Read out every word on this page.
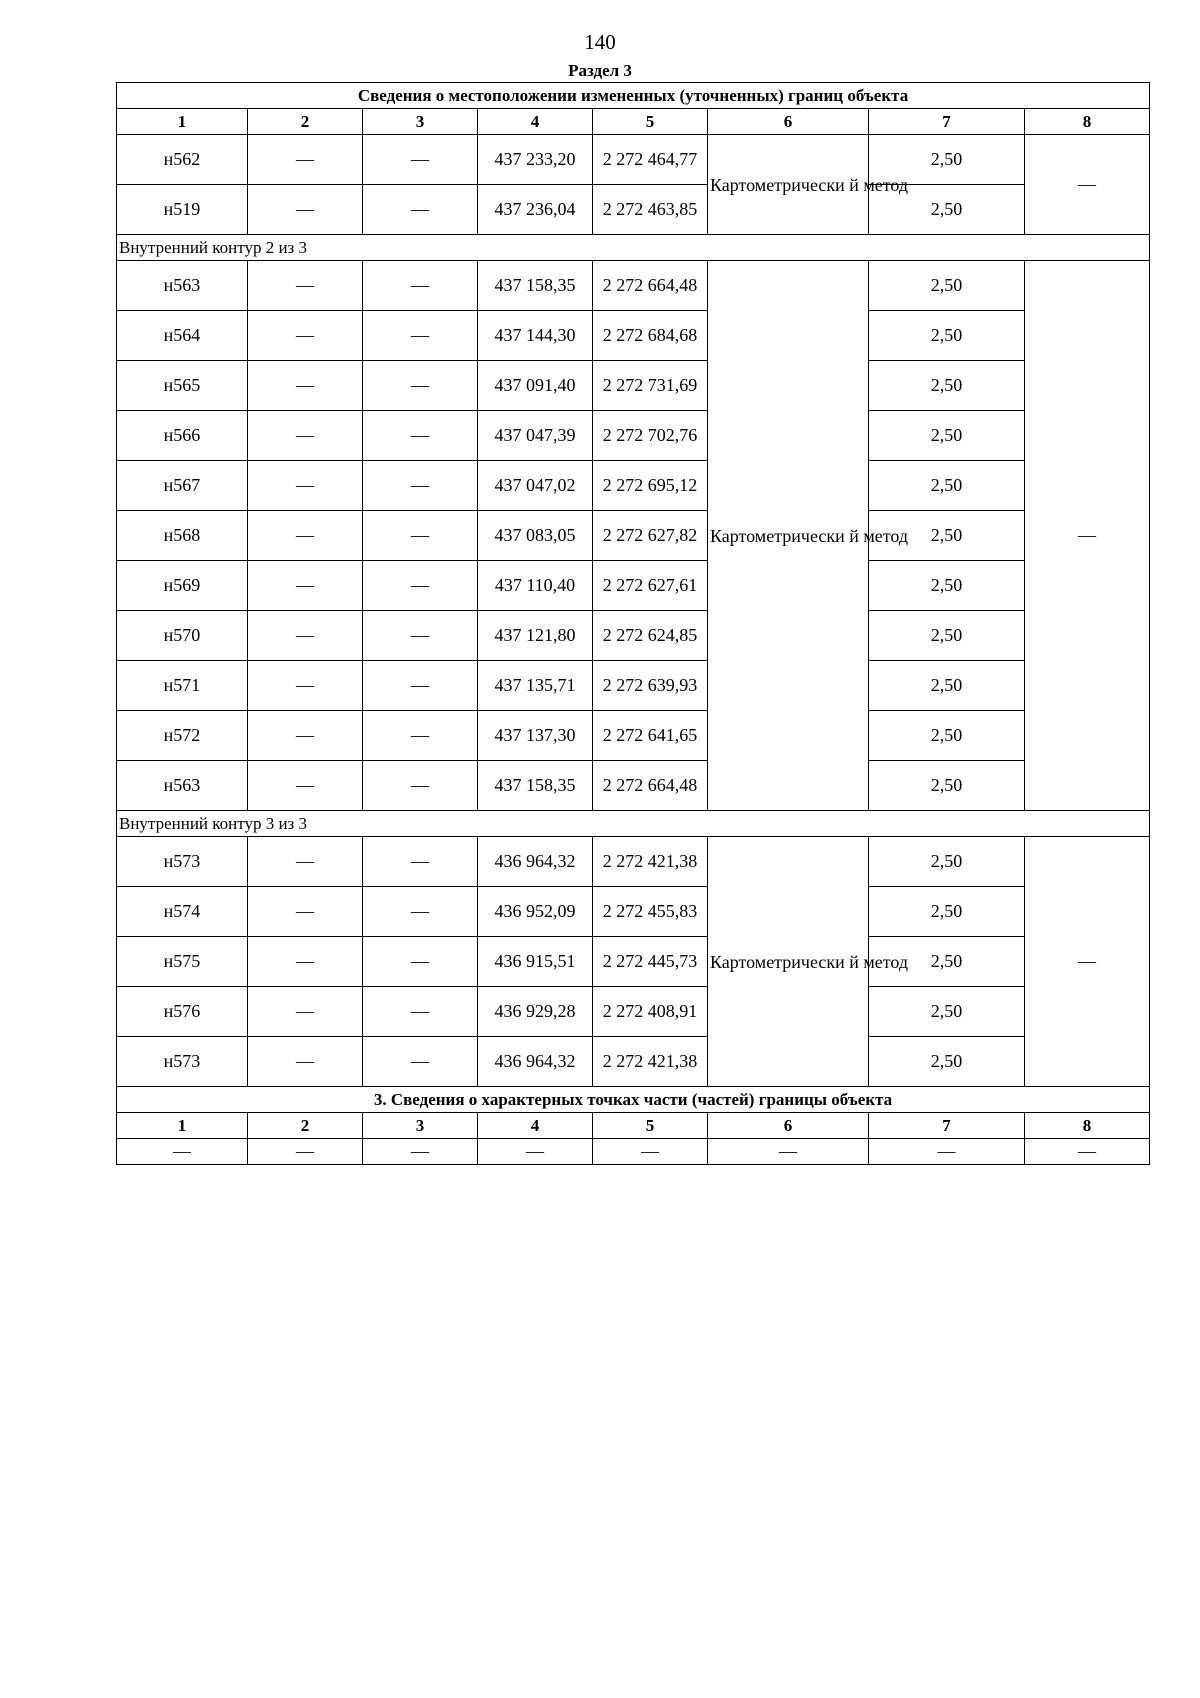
140
Раздел 3
Сведения о местоположении измененных (уточненных) границ объекта							
1	2	3	4	5	6	7	8
н562	—	—	437 233,20	2 272 464,77	Картометрически й метод	2,50	—
н519	—	—	437 236,04	2 272 463,85		2,50	
Внутренний контур 2 из 3							
н563	—	—	437 158,35	2 272 664,48	Картометрически й метод	2,50	—
н564	—	—	437 144,30	2 272 684,68		2,50	
н565	—	—	437 091,40	2 272 731,69		2,50	
н566	—	—	437 047,39	2 272 702,76		2,50	
н567	—	—	437 047,02	2 272 695,12		2,50	
н568	—	—	437 083,05	2 272 627,82		2,50	
н569	—	—	437 110,40	2 272 627,61		2,50	
н570	—	—	437 121,80	2 272 624,85		2,50	
н571	—	—	437 135,71	2 272 639,93		2,50	
н572	—	—	437 137,30	2 272 641,65		2,50	
н563	—	—	437 158,35	2 272 664,48		2,50	
Внутренний контур 3 из 3							
н573	—	—	436 964,32	2 272 421,38	Картометрически й метод	2,50	—
н574	—	—	436 952,09	2 272 455,83		2,50	
н575	—	—	436 915,51	2 272 445,73		2,50	
н576	—	—	436 929,28	2 272 408,91		2,50	
н573	—	—	436 964,32	2 272 421,38		2,50	
3. Сведения о характерных точках части (частей) границы объекта							
1	2	3	4	5	6	7	8
—	—	—	—	—	—	—	—
